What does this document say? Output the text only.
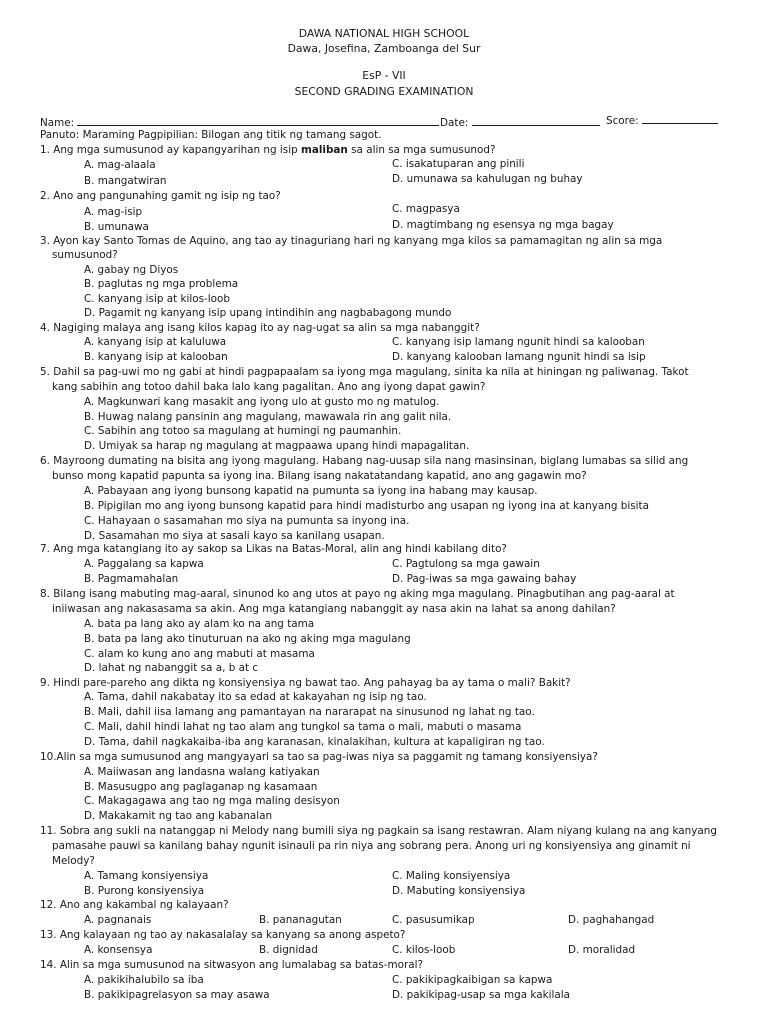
DAWA NATIONAL HIGH SCHOOL
Dawa, Josefina, Zamboanga del Sur
EsP - VII
SECOND GRADING EXAMINATION
Name:	Date:	Score:
Panuto: Maraming Pagpipilian: Bilogan ang titik ng tamang sagot.
1. Ang mga sumusunod ay kapangyarihan ng isip maliban sa alin sa mga sumusunod?
A. mag-alaala	C. isakatuparan ang pinili
B. mangatwiran	D. umunawa sa kahulugan ng buhay
2. Ano ang pangunahing gamit ng isip ng tao?
A. mag-isip	C. magpasya
B. umunawa	D. magtimbang ng esensya ng mga bagay
3. Ayon kay Santo Tomas de Aquino, ang tao ay tinaguriang hari ng kanyang mga kilos sa pamamagitan ng alin sa mga
sumusunod?
A. gabay ng Diyos
B. paglutas ng mga problema
C. kanyang isip at kilos-loob
D. Pagamit ng kanyang isip upang intindihin ang nagbabagong mundo
4. Nagiging malaya ang isang kilos kapag ito ay nag-ugat sa alin sa mga nabanggit?
A. kanyang isip at kaluluwa	C. kanyang isip lamang ngunit hindi sa kalooban
B. kanyang isip at kalooban	D. kanyang kalooban lamang ngunit hindi sa isip
5. Dahil sa pag-uwi mo ng gabi at hindi pagpapaalam sa iyong mga magulang, sinita ka nila at hiningan ng paliwanag. Takot
kang sabihin ang totoo dahil baka lalo kang pagalitan. Ano ang iyong dapat gawin?
A. Magkunwari kang masakit ang iyong ulo at gusto mo ng matulog.
B. Huwag nalang pansinin ang magulang, mawawala rin ang galit nila.
C. Sabihin ang totoo sa magulang at humingi ng paumanhin.
D. Umiyak sa harap ng magulang at magpaawa upang hindi mapagalitan.
6. Mayroong dumating na bisita ang iyong magulang. Habang nag-uusap sila nang masinsinan, biglang lumabas sa silid ang
bunso mong kapatid papunta sa iyong ina. Bilang isang nakatatandang kapatid, ano ang gagawin mo?
A. Pabayaan ang iyong bunsong kapatid na pumunta sa iyong ina habang may kausap.
B. Pipigilan mo ang iyong bunsong kapatid para hindi madisturbo ang usapan ng iyong ina at kanyang bisita
C. Hahayaan o sasamahan mo siya na pumunta sa inyong ina.
D. Sasamahan mo siya at sasali kayo sa kanilang usapan.
7. Ang mga katangiang ito ay sakop sa Likas na Batas-Moral, alin ang hindi kabilang dito?
A. Paggalang sa kapwa	C. Pagtulong sa mga gawain
B. Pagmamahalan	D. Pag-iwas sa mga gawaing bahay
8. Bilang isang mabuting mag-aaral, sinunod ko ang utos at payo ng aking mga magulang. Pinagbutihan ang pag-aaral at
iniiwasan ang nakasasama sa akin. Ang mga katangiang nabanggit ay nasa akin na lahat sa anong dahilan?
A. bata pa lang ako ay alam ko na ang tama
B. bata pa lang ako tinuturuan na ako ng aking mga magulang
C. alam ko kung ano ang mabuti at masama
D. lahat ng nabanggit sa a, b at c
9. Hindi pare-pareho ang dikta ng konsiyensiya ng bawat tao. Ang pahayag ba ay tama o mali? Bakit?
A. Tama, dahil nakabatay ito sa edad at kakayahan ng isip ng tao.
B. Mali, dahil iisa lamang ang pamantayan na nararapat na sinusunod ng lahat ng tao.
C. Mali, dahil hindi lahat ng tao alam ang tungkol sa tama o mali, mabuti o masama
D. Tama, dahil nagkakaiba-iba ang karanasan, kinalakihan, kultura at kapaligiran ng tao.
10.Alin sa mga sumusunod ang mangyayari sa tao sa pag-iwas niya sa paggamit ng tamang konsiyensiya?
A. Maiiwasan ang landasna walang katiyakan
B. Masusugpo ang paglaganap ng kasamaan
C. Makagagawa ang tao ng mga maling desisyon
D. Makakamit ng tao ang kabanalan
11. Sobra ang sukli na natanggap ni Melody nang bumili siya ng pagkain sa isang restawran. Alam niyang kulang na ang kanyang
pamasahe pauwi sa kanilang bahay ngunit isinauli pa rin niya ang sobrang pera. Anong uri ng konsiyensiya ang ginamit ni
Melody?
A. Tamang konsiyensiya	C. Maling konsiyensiya
B. Purong konsiyensiya	D. Mabuting konsiyensiya
12. Ano ang kakambal ng kalayaan?
A. pagnanais	B. pananagutan	C. pasusumikap	D. paghahangad
13. Ang kalayaan ng tao ay nakasalalay sa kanyang sa anong aspeto?
A. konsensya	B. dignidad	C. kilos-loob	D. moralidad
14. Alin sa mga sumusunod na sitwasyon ang lumalabag sa batas-moral?
A. pakikihalubilo sa iba	C. pakikipagkaibigan sa kapwa
B. pakikipagrelasyon sa may asawa	D. pakikipag-usap sa mga kakilala
